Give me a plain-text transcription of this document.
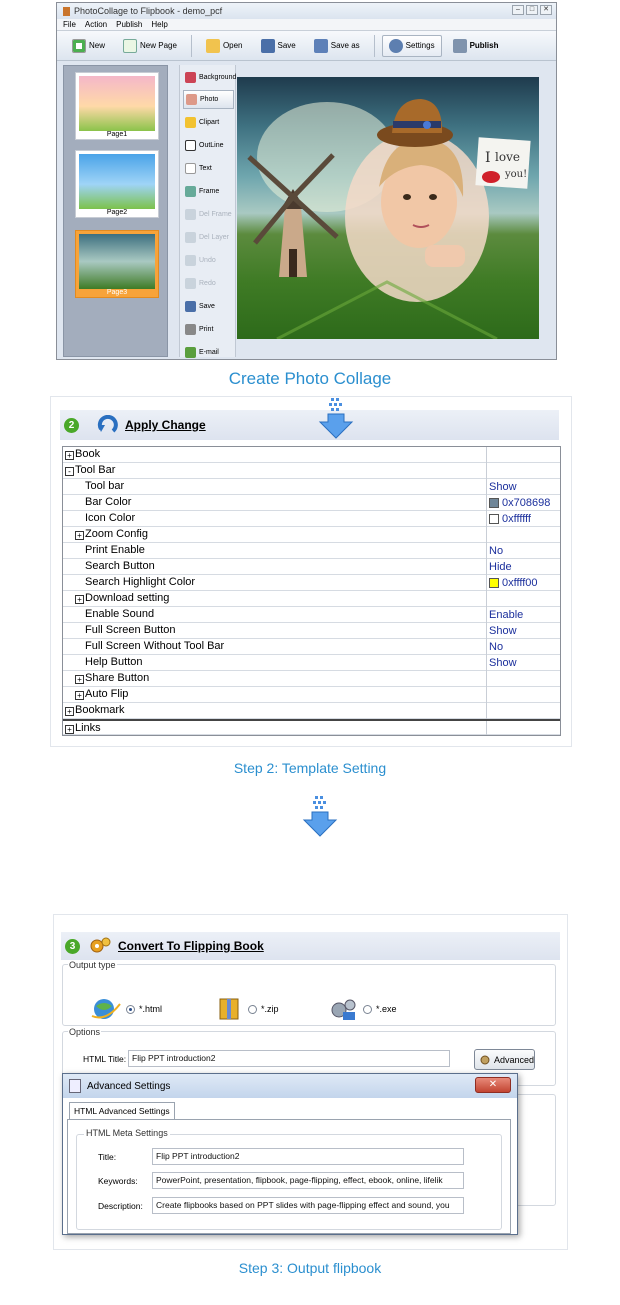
PhotoCollage to Flipbook - demo_pcf	–	□	✕
File Action Publish Help
New	New Page	Open	Save	Save as	Settings	Publish
Page1
Page2
Page3
Background
Photo
Clipart
OutLine
Text
Frame
Del Frame
Del Layer
Undo
Redo
Save
Print
E-mail
I love
you!
Create Photo Collage
2	Apply Change
+ Book
- Tool Bar
Tool bar	Show
Bar Color	0x708698
Icon Color	0xffffff
+ Zoom Config
Print Enable	No
Search Button	Hide
Search Highlight Color	0xffff00
+ Download setting
Enable Sound	Enable
Full Screen Button	Show
Full Screen Without Tool Bar	No
Help Button	Show
+ Share Button
+ Auto Flip
+ Bookmark
+ Links
Step 2: Template Setting
3	Convert To Flipping Book
Output type
*.html	*.zip	*.exe
Options
HTML Title: Flip PPT introduction2	Advanced
Advanced Settings	✕
HTML Advanced Settings
HTML Meta Settings
Title:	Flip PPT introduction2
Keywords:	PowerPoint, presentation, flipbook, page-flipping, effect, ebook, online, lifelik
Description:	Create flipbooks based on PPT slides with page-flipping effect and sound, you
Step 3: Output flipbook
